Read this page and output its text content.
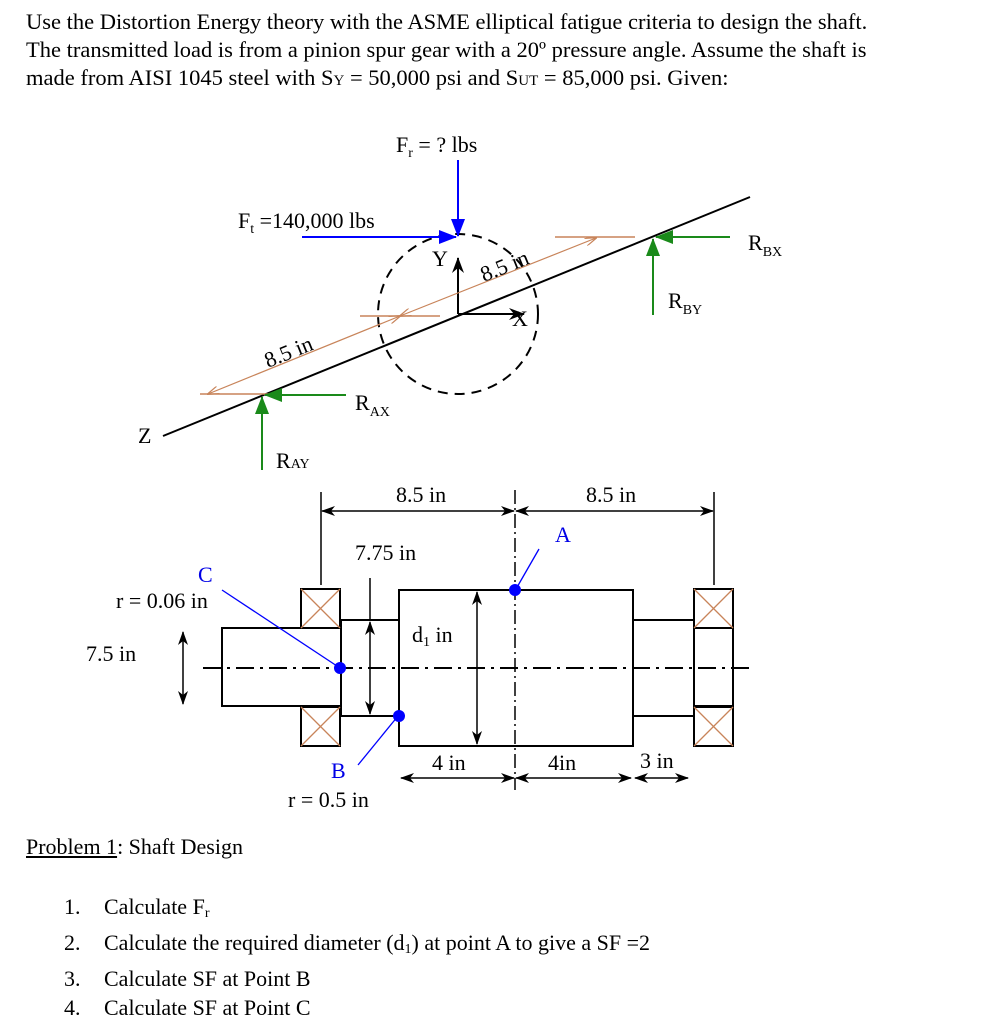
Use the Distortion Energy theory with the ASME elliptical fatigue criteria to design the shaft.

The transmitted load is from a pinion spur gear with a 20º pressure angle. Assume the shaft is

made from AISI 1045 steel with SY = 50,000 psi and SUT = 85,000 psi. Given:

Y
X
Z
$F_r$ = ? lbs
$F_t =140,000$ lbs
8.5 in
8.5 in
$R_{AX}$
RAY
$R_{BX}$
$R_{BY}$
8.5 in	8.5 in
7.75 in
d1 in
7.5 in
4 in	4in	3 in
A
B
C
r = 0.5 in
r = 0.06 in
Problem 1: Shaft Design
1.	Calculate $F_r$
2.	Calculate the required diameter $(d_1)$ at point A to give a SF =2
3.	Calculate SF at Point B
4.	Calculate SF at Point C
